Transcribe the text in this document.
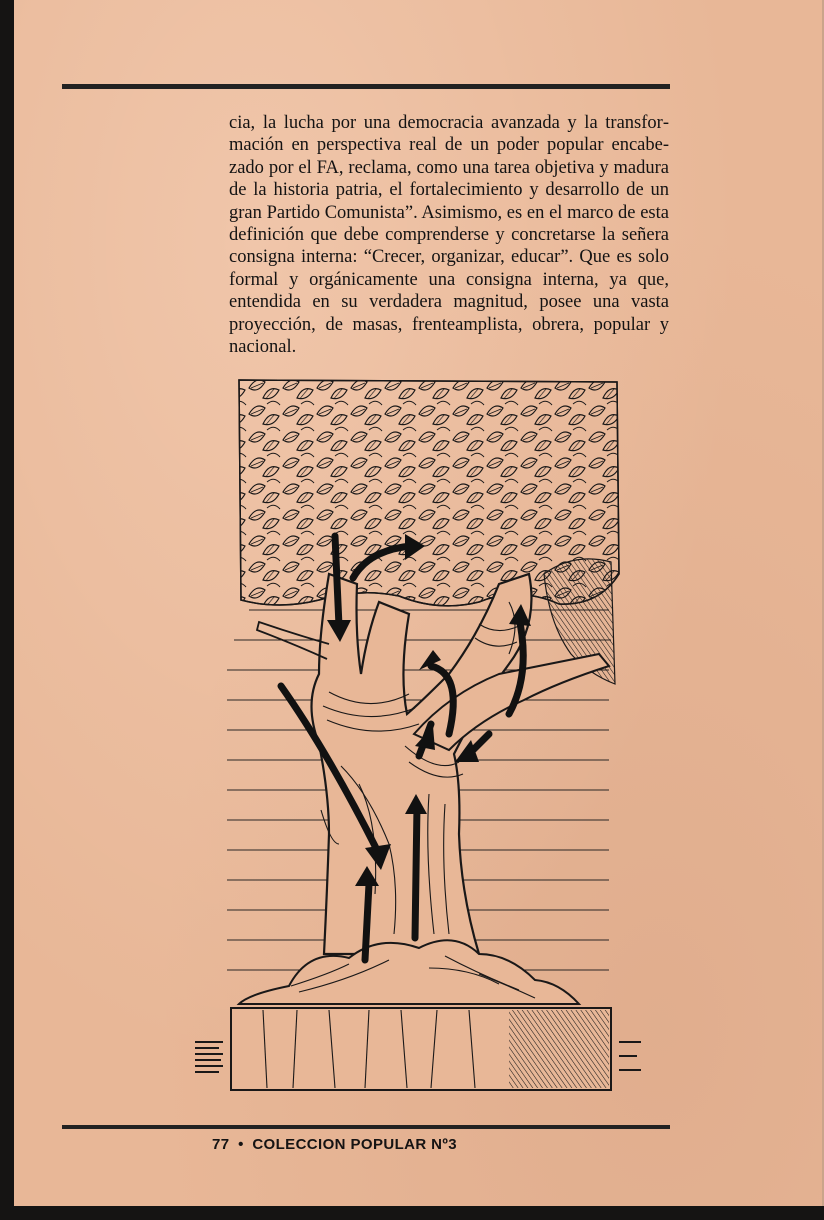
cia, la lucha por una democracia avanzada y la transformación en perspectiva real de un poder popular encabezado por el FA, reclama, como una tarea objetiva y madura de la historia patria, el fortalecimiento y desarrollo de un gran Partido Comunista”. Asimismo, es en el marco de esta definición que debe comprenderse y concretarse la señera consigna interna: “Crecer, organizar, educar”. Que es solo formal y orgánicamente una consigna interna, ya que, entendida en su verdadera magnitud, posee una vasta proyección, de masas, frenteamplista, obrera, popular y nacional.

77 • COLECCION POPULAR Nº3
